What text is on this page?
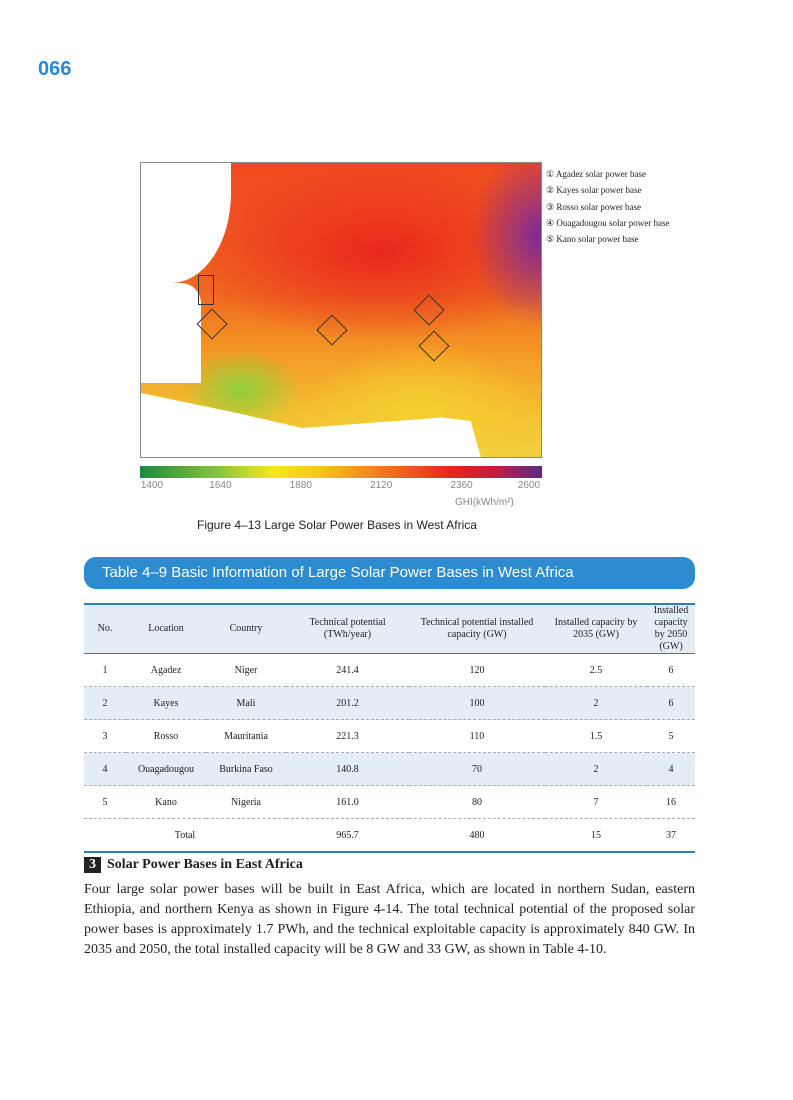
066
① Agadez solar power base
② Kayes solar power base
③ Rosso solar power base
④ Ouagadougou solar power base
⑤ Kano solar power base
1400	1640	1880	2120	2360	2600
GHI(kWh/m²)
Figure 4–13 Large Solar Power Bases in West Africa
Table 4–9 Basic Information of Large Solar Power Bases in West Africa
No.	Location	Country	Technical potential (TWh/year)	Technical potential installed capacity (GW)	Installed capacity by 2035 (GW)	Installed capacity by 2050 (GW)
1	Agadez	Niger	241.4	120	2.5	6
2	Kayes	Mali	201.2	100	2	6
3	Rosso	Mauritania	221.3	110	1.5	5
4	Ouagadougou	Burkina Faso	140.8	70	2	4
5	Kano	Nigeria	161.0	80	7	16
Total			965.7	480	15	37
3 Solar Power Bases in East Africa
Four large solar power bases will be built in East Africa, which are located in northern Sudan, eastern Ethiopia, and northern Kenya as shown in Figure 4-14. The total technical potential of the proposed solar power bases is approximately 1.7 PWh, and the technical exploitable capacity is approximately 840 GW. In 2035 and 2050, the total installed capacity will be 8 GW and 33 GW, as shown in Table 4-10.
